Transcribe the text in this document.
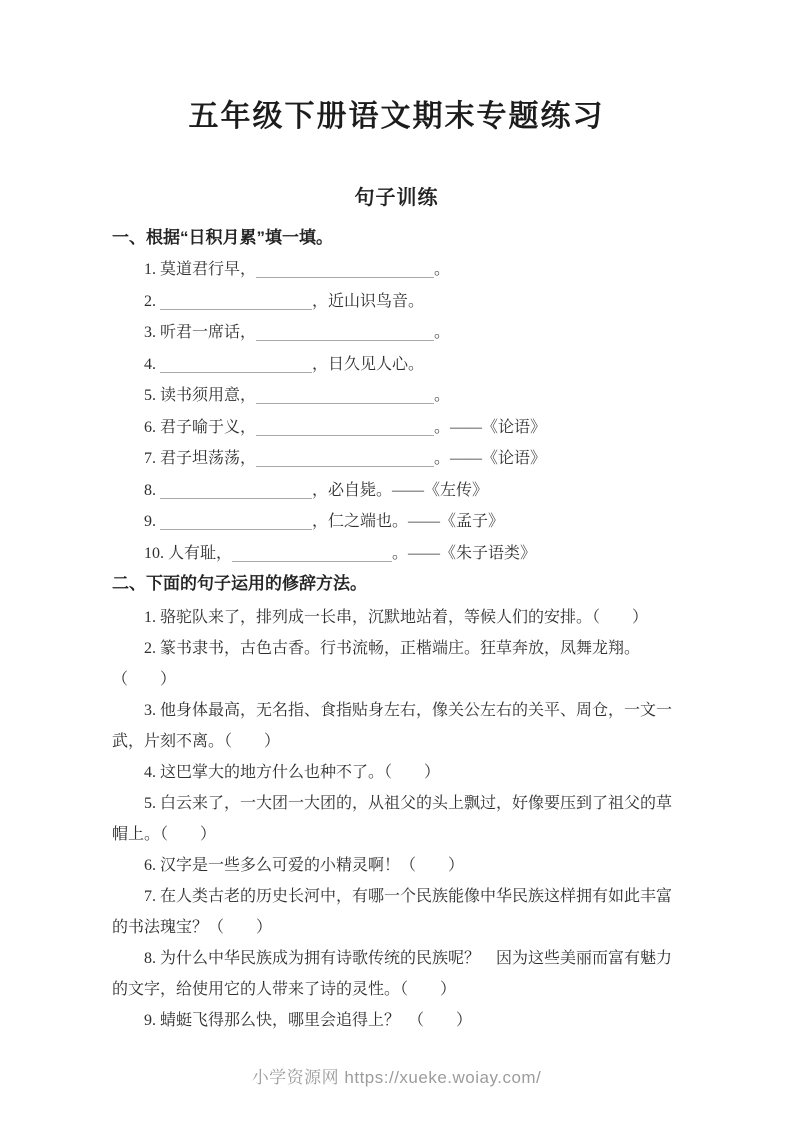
五年级下册语文期末专题练习
句子训练
一、根据“日积月累”填一填。
1. 莫道君行早，	。
2.	，近山识鸟音。
3. 听君一席话，	。
4.	，日久见人心。
5. 读书须用意，	。
6. 君子喻于义，	。——《论语》
7. 君子坦荡荡，	。——《论语》
8.	，必自毙。——《左传》
9.	，仁之端也。——《孟子》
10. 人有耻，	。——《朱子语类》
二、下面的句子运用的修辞方法。

1. 骆驼队来了，排列成一长串，沉默地站着，等候人们的安排。（　　）

2. 篆书隶书，古色古香。行书流畅，正楷端庄。狂草奔放，凤舞龙翔。（　　）

3. 他身体最高，无名指、食指贴身左右，像关公左右的关平、周仓，一文一武，片刻不离。（　　）

4. 这巴掌大的地方什么也种不了。（　　）

5. 白云来了，一大团一大团的，从祖父的头上飘过，好像要压到了祖父的草帽上。（　　）

6. 汉字是一些多么可爱的小精灵啊！（　　）

7. 在人类古老的历史长河中，有哪一个民族能像中华民族这样拥有如此丰富的书法瑰宝？（　　）

8. 为什么中华民族成为拥有诗歌传统的民族呢？　因为这些美丽而富有魅力的文字，给使用它的人带来了诗的灵性。（　　）

9. 蜻蜓飞得那么快，哪里会追得上？　（　　）

小学资源网 https://xueke.woiay.com/
